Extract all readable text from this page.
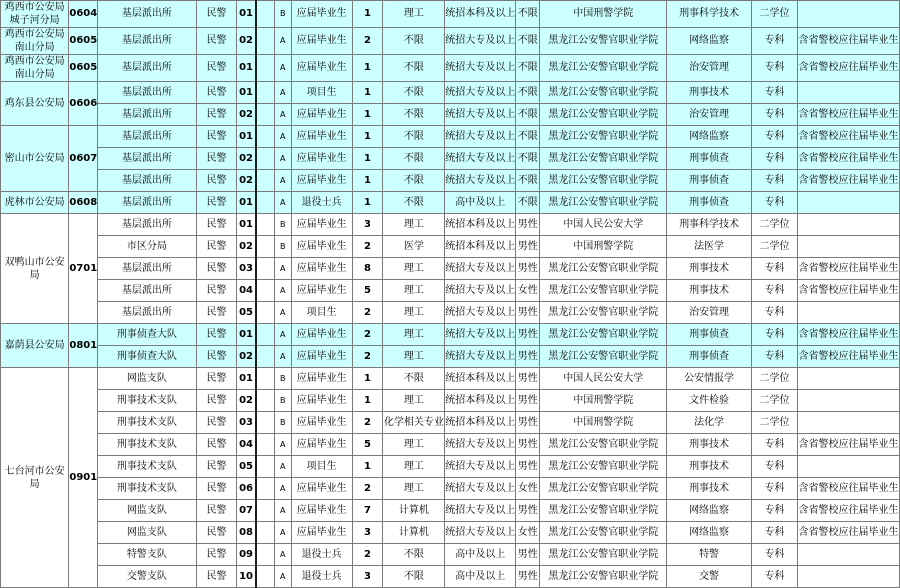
鸡西市公安局城子河分局	0604	基层派出所	民警	01		B	应届毕业生	1	理工	统招本科及以上	不限	中国刑警学院	刑事科学技术	二学位	
鸡西市公安局南山分局	0605	基层派出所	民警	02		A	应届毕业生	2	不限	统招大专及以上	不限	黑龙江公安警官职业学院	网络监察	专科	含省警校应往届毕业生
鸡西市公安局南山分局	0605	基层派出所	民警	01		A	应届毕业生	1	不限	统招大专及以上	不限	黑龙江公安警官职业学院	治安管理	专科	含省警校应往届毕业生
鸡东县公安局	0606	基层派出所	民警	01		A	项目生	1	不限	统招大专及以上	不限	黑龙江公安警官职业学院	刑事技术	专科	
		基层派出所	民警	02		A	应届毕业生	1	不限	统招大专及以上	不限	黑龙江公安警官职业学院	治安管理	专科	含省警校应往届毕业生
密山市公安局	0607	基层派出所	民警	01		A	应届毕业生	1	不限	统招大专及以上	不限	黑龙江公安警官职业学院	网络监察	专科	含省警校应往届毕业生
		基层派出所	民警	02		A	应届毕业生	1	不限	统招大专及以上	不限	黑龙江公安警官职业学院	刑事侦查	专科	含省警校应往届毕业生
		基层派出所	民警	02		A	应届毕业生	1	不限	统招大专及以上	不限	黑龙江公安警官职业学院	刑事侦查	专科	含省警校应往届毕业生
虎林市公安局	0608	基层派出所	民警	01		A	退役士兵	1	不限	高中及以上	不限	黑龙江公安警官职业学院	刑事侦查	专科	
双鸭山市公安局	0701	基层派出所	民警	01		B	应届毕业生	3	理工	统招本科及以上	男性	中国人民公安大学	刑事科学技术	二学位	
		市区分局	民警	02		B	应届毕业生	2	医学	统招本科及以上	男性	中国刑警学院	法医学	二学位	
		基层派出所	民警	03		A	应届毕业生	8	理工	统招大专及以上	男性	黑龙江公安警官职业学院	刑事技术	专科	含省警校应往届毕业生
		基层派出所	民警	04		A	应届毕业生	5	理工	统招大专及以上	女性	黑龙江公安警官职业学院	刑事技术	专科	含省警校应往届毕业生
		基层派出所	民警	05		A	项目生	2	理工	统招大专及以上	男性	黑龙江公安警官职业学院	治安管理	专科	
嘉荫县公安局	0801	刑事侦查大队	民警	01		A	应届毕业生	2	理工	统招大专及以上	男性	黑龙江公安警官职业学院	刑事侦查	专科	含省警校应往届毕业生
		刑事侦查大队	民警	02		A	应届毕业生	2	理工	统招大专及以上	男性	黑龙江公安警官职业学院	刑事侦查	专科	含省警校应往届毕业生
七台河市公安局	0901	网监支队	民警	01		B	应届毕业生	1	不限	统招本科及以上	男性	中国人民公安大学	公安情报学	二学位	
		刑事技术支队	民警	02		B	应届毕业生	1	理工	统招本科及以上	男性	中国刑警学院	文件检验	二学位	
		刑事技术支队	民警	03		B	应届毕业生	2	化学相关专业	统招本科及以上	男性	中国刑警学院	法化学	二学位	
		刑事技术支队	民警	04		A	应届毕业生	5	理工	统招大专及以上	男性	黑龙江公安警官职业学院	刑事技术	专科	含省警校应往届毕业生
		刑事技术支队	民警	05		A	项目生	1	理工	统招大专及以上	男性	黑龙江公安警官职业学院	刑事技术	专科	
		刑事技术支队	民警	06		A	应届毕业生	2	理工	统招大专及以上	女性	黑龙江公安警官职业学院	刑事技术	专科	含省警校应往届毕业生
		网监支队	民警	07		A	应届毕业生	7	计算机	统招大专及以上	男性	黑龙江公安警官职业学院	网络监察	专科	含省警校应往届毕业生
		网监支队	民警	08		A	应届毕业生	3	计算机	统招大专及以上	女性	黑龙江公安警官职业学院	网络监察	专科	含省警校应往届毕业生
		特警支队	民警	09		A	退役士兵	2	不限	高中及以上	男性	黑龙江公安警官职业学院	特警	专科	
		交警支队	民警	10		A	退役士兵	3	不限	高中及以上	男性	黑龙江公安警官职业学院	交警	专科	
